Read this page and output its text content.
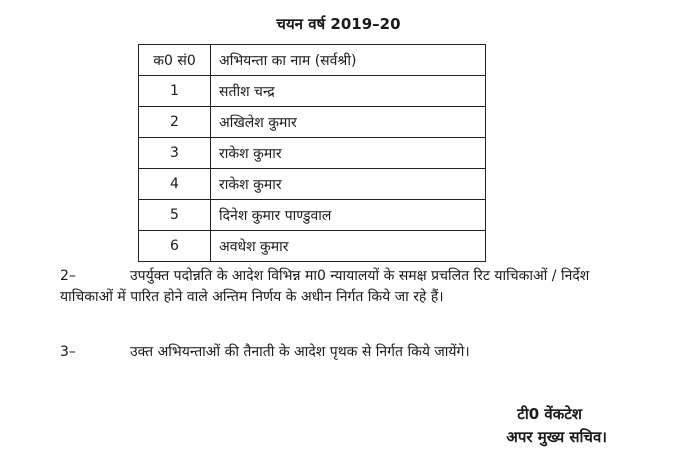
चयन वर्ष 2019–20
क0 सं0	अभियन्ता का नाम (सर्वश्री)
1	सतीश चन्द्र
2	अखिलेश कुमार
3	राकेश कुमार
4	राकेश कुमार
5	दिनेश कुमार पाण्डुवाल
6	अवधेश कुमार
2–	उपर्युक्त पदोन्नति के आदेश विभिन्न मा0 न्यायालयों के समक्ष प्रचलित रिट याचिकाओं / निर्देश याचिकाओं में पारित होने वाले अन्तिम निर्णय के अधीन निर्गत किये जा रहे हैं।
3–	उक्त अभियन्ताओं की तैनाती के आदेश पृथक से निर्गत किये जायेंगे।
टी0 वेंकटेश
अपर मुख्य सचिव।
